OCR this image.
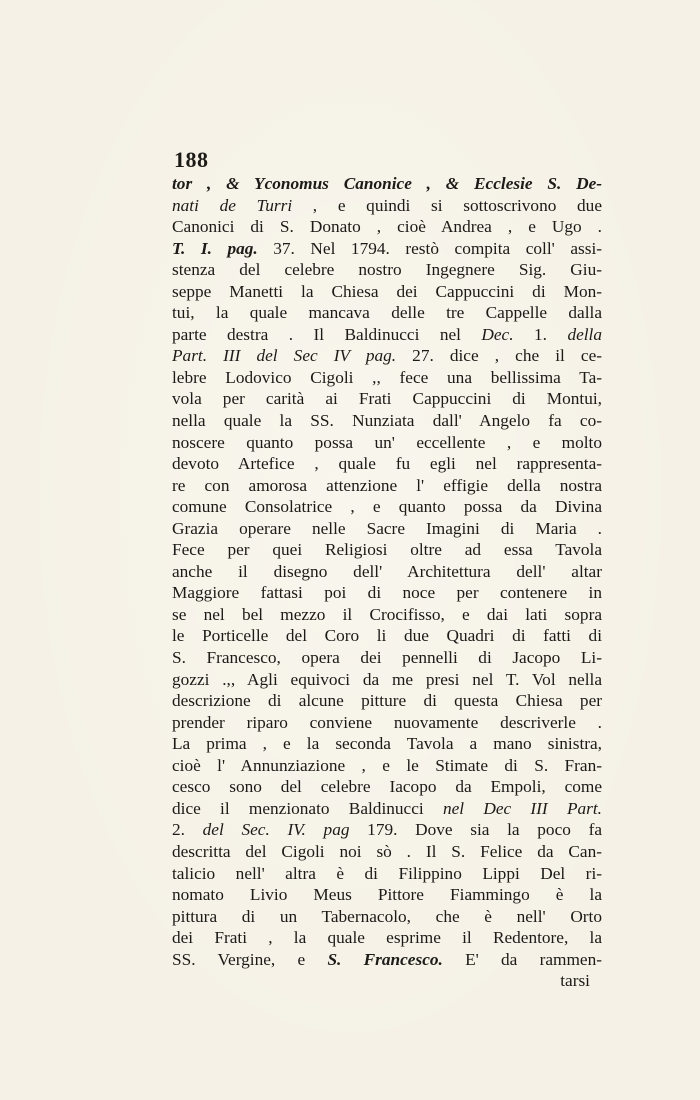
188
tor , & Yconomus Canonice , & Ecclesie S. De-
nati de Turri , e quindi si sottoscrivono due
Canonici di S. Donato , cioè Andrea , e Ugo .
T. I. pag. 37. Nel 1794. restò compita coll' assi-
stenza del celebre nostro Ingegnere Sig. Giu-
seppe Manetti la Chiesa dei Cappuccini di Mon-
tui, la quale mancava delle tre Cappelle dalla
parte destra . Il Baldinucci nel Dec. 1. della
Part. III del Sec IV pag. 27. dice , che il ce-
lebre Lodovico Cigoli ,, fece una bellissima Ta-
vola per carità ai Frati Cappuccini di Montui,
nella quale la SS. Nunziata dall' Angelo fa co-
noscere quanto possa un' eccellente , e molto
devoto Artefice , quale fu egli nel rappresenta-
re con amorosa attenzione l' effigie della nostra
comune Consolatrice , e quanto possa da Divina
Grazia operare nelle Sacre Imagini di Maria .
Fece per quei Religiosi oltre ad essa Tavola
anche il disegno dell' Architettura dell' altar
Maggiore fattasi poi di noce per contenere in
se nel bel mezzo il Crocifisso, e dai lati sopra
le Porticelle del Coro li due Quadri di fatti di
S. Francesco, opera dei pennelli di Jacopo Li-
gozzi .,, Agli equivoci da me presi nel T. Vol nella
descrizione di alcune pitture di questa Chiesa per
prender riparo conviene nuovamente descriverle .
La prima , e la seconda Tavola a mano sinistra,
cioè l' Annunziazione , e le Stimate di S. Fran-
cesco sono del celebre Iacopo da Empoli, come
dice il menzionato Baldinucci nel Dec III Part.
2. del Sec. IV. pag 179. Dove sia la poco fa
descritta del Cigoli noi sò . Il S. Felice da Can-
talicio nell' altra è di Filippino Lippi Del ri-
nomato Livio Meus Pittore Fiammingo è la
pittura di un Tabernacolo, che è nell' Orto
dei Frati , la quale esprime il Redentore, la
SS. Vergine, e S. Francesco. E' da rammen-
tarsi
